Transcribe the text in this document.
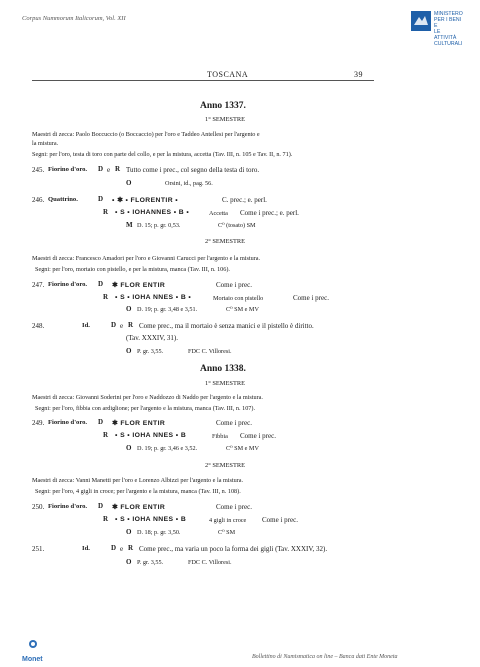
Corpus Nummorum Italicorum, Vol. XII
MINISTERO
PER I BENI E
LE ATTIVITÀ
CULTURALI
TOSCANA	39
Anno 1337.
1° SEMESTRE
Maestri di zecca: Paolo Boccuccio (o Boccaccio) per l'oro e Taddeo Antellesi per l'argento e
la mistura.
Segni: per l'oro, testa di toro con parte del collo, e per la mistura, accetta (Tav. III, n. 105 e Tav. II, n. 71).
245. Fiorino d'oro. D e R Tutto come i prec., col segno della testa di toro.
O	Orsini, id., pag. 56.
246. Quattrino.	D • ✱ • FLORENTIR •	C. prec.; e. perl.
R • S • IOHANNES • B •	Accetta Come i prec.; e. perl.
M D. 15; p. gr. 0,53.	C⁰ (tosato) SM
2° SEMESTRE
Maestri di zecca: Francesco Amadori per l'oro e Giovanni Carucci per l'argento e la mistura.
Segni: per l'oro, mortaio con pistello, e per la mistura, manca (Tav. III, n. 106).
247. Fiorino d'oro. D ✱ FLOR ENTIR	Come i prec.
R • S • IOHA NNES • B •	Mortaio con pistello	Come i prec.
O D. 19; p. gr. 3,48 e 3,51.	C⁰ SM e MV
248.	Id.	D e R Come prec., ma il mortaio è senza manici e il pistello è diritto.
(Tav. XXXIV, 31).
O P. gr. 3,55.	FDC C. Villoresi.
Anno 1338.
1° SEMESTRE
Maestri di zecca: Giovanni Soderini per l'oro e Naddozzo di Naddo per l'argento e la mistura.
Segni: per l'oro, fibbia con ardiglione; per l'argento e la mistura, manca (Tav. III, n. 107).
249. Fiorino d'oro. D ✱ FLOR ENTIR	Come i prec.
R • S • IOHA NNES • B	Fibbia Come i prec.
O D. 19; p. gr. 3,46 e 3,52.	C⁰ SM e MV
2° SEMESTRE
Maestri di zecca: Vanni Manetti per l'oro e Lorenzo Albizzi per l'argento e la mistura.
Segni: per l'oro, 4 gigli in croce; per l'argento e la mistura, manca (Tav. III, n. 108).
250. Fiorino d'oro. D ✱ FLOR ENTIR	Come i prec.
R • S • IOHA NNES • B	4 gigli in croce Come i prec.
O D. 18; p. gr. 3,50.	C⁰ SM
251.	Id.	D e R Come prec., ma varia un poco la forma dei gigli (Tav. XXXIV, 32).
O P. gr. 3,55.	FDC C. Villoresi.
Monet	Bollettino di Numismatica on line – Banca dati Ente Moneta
